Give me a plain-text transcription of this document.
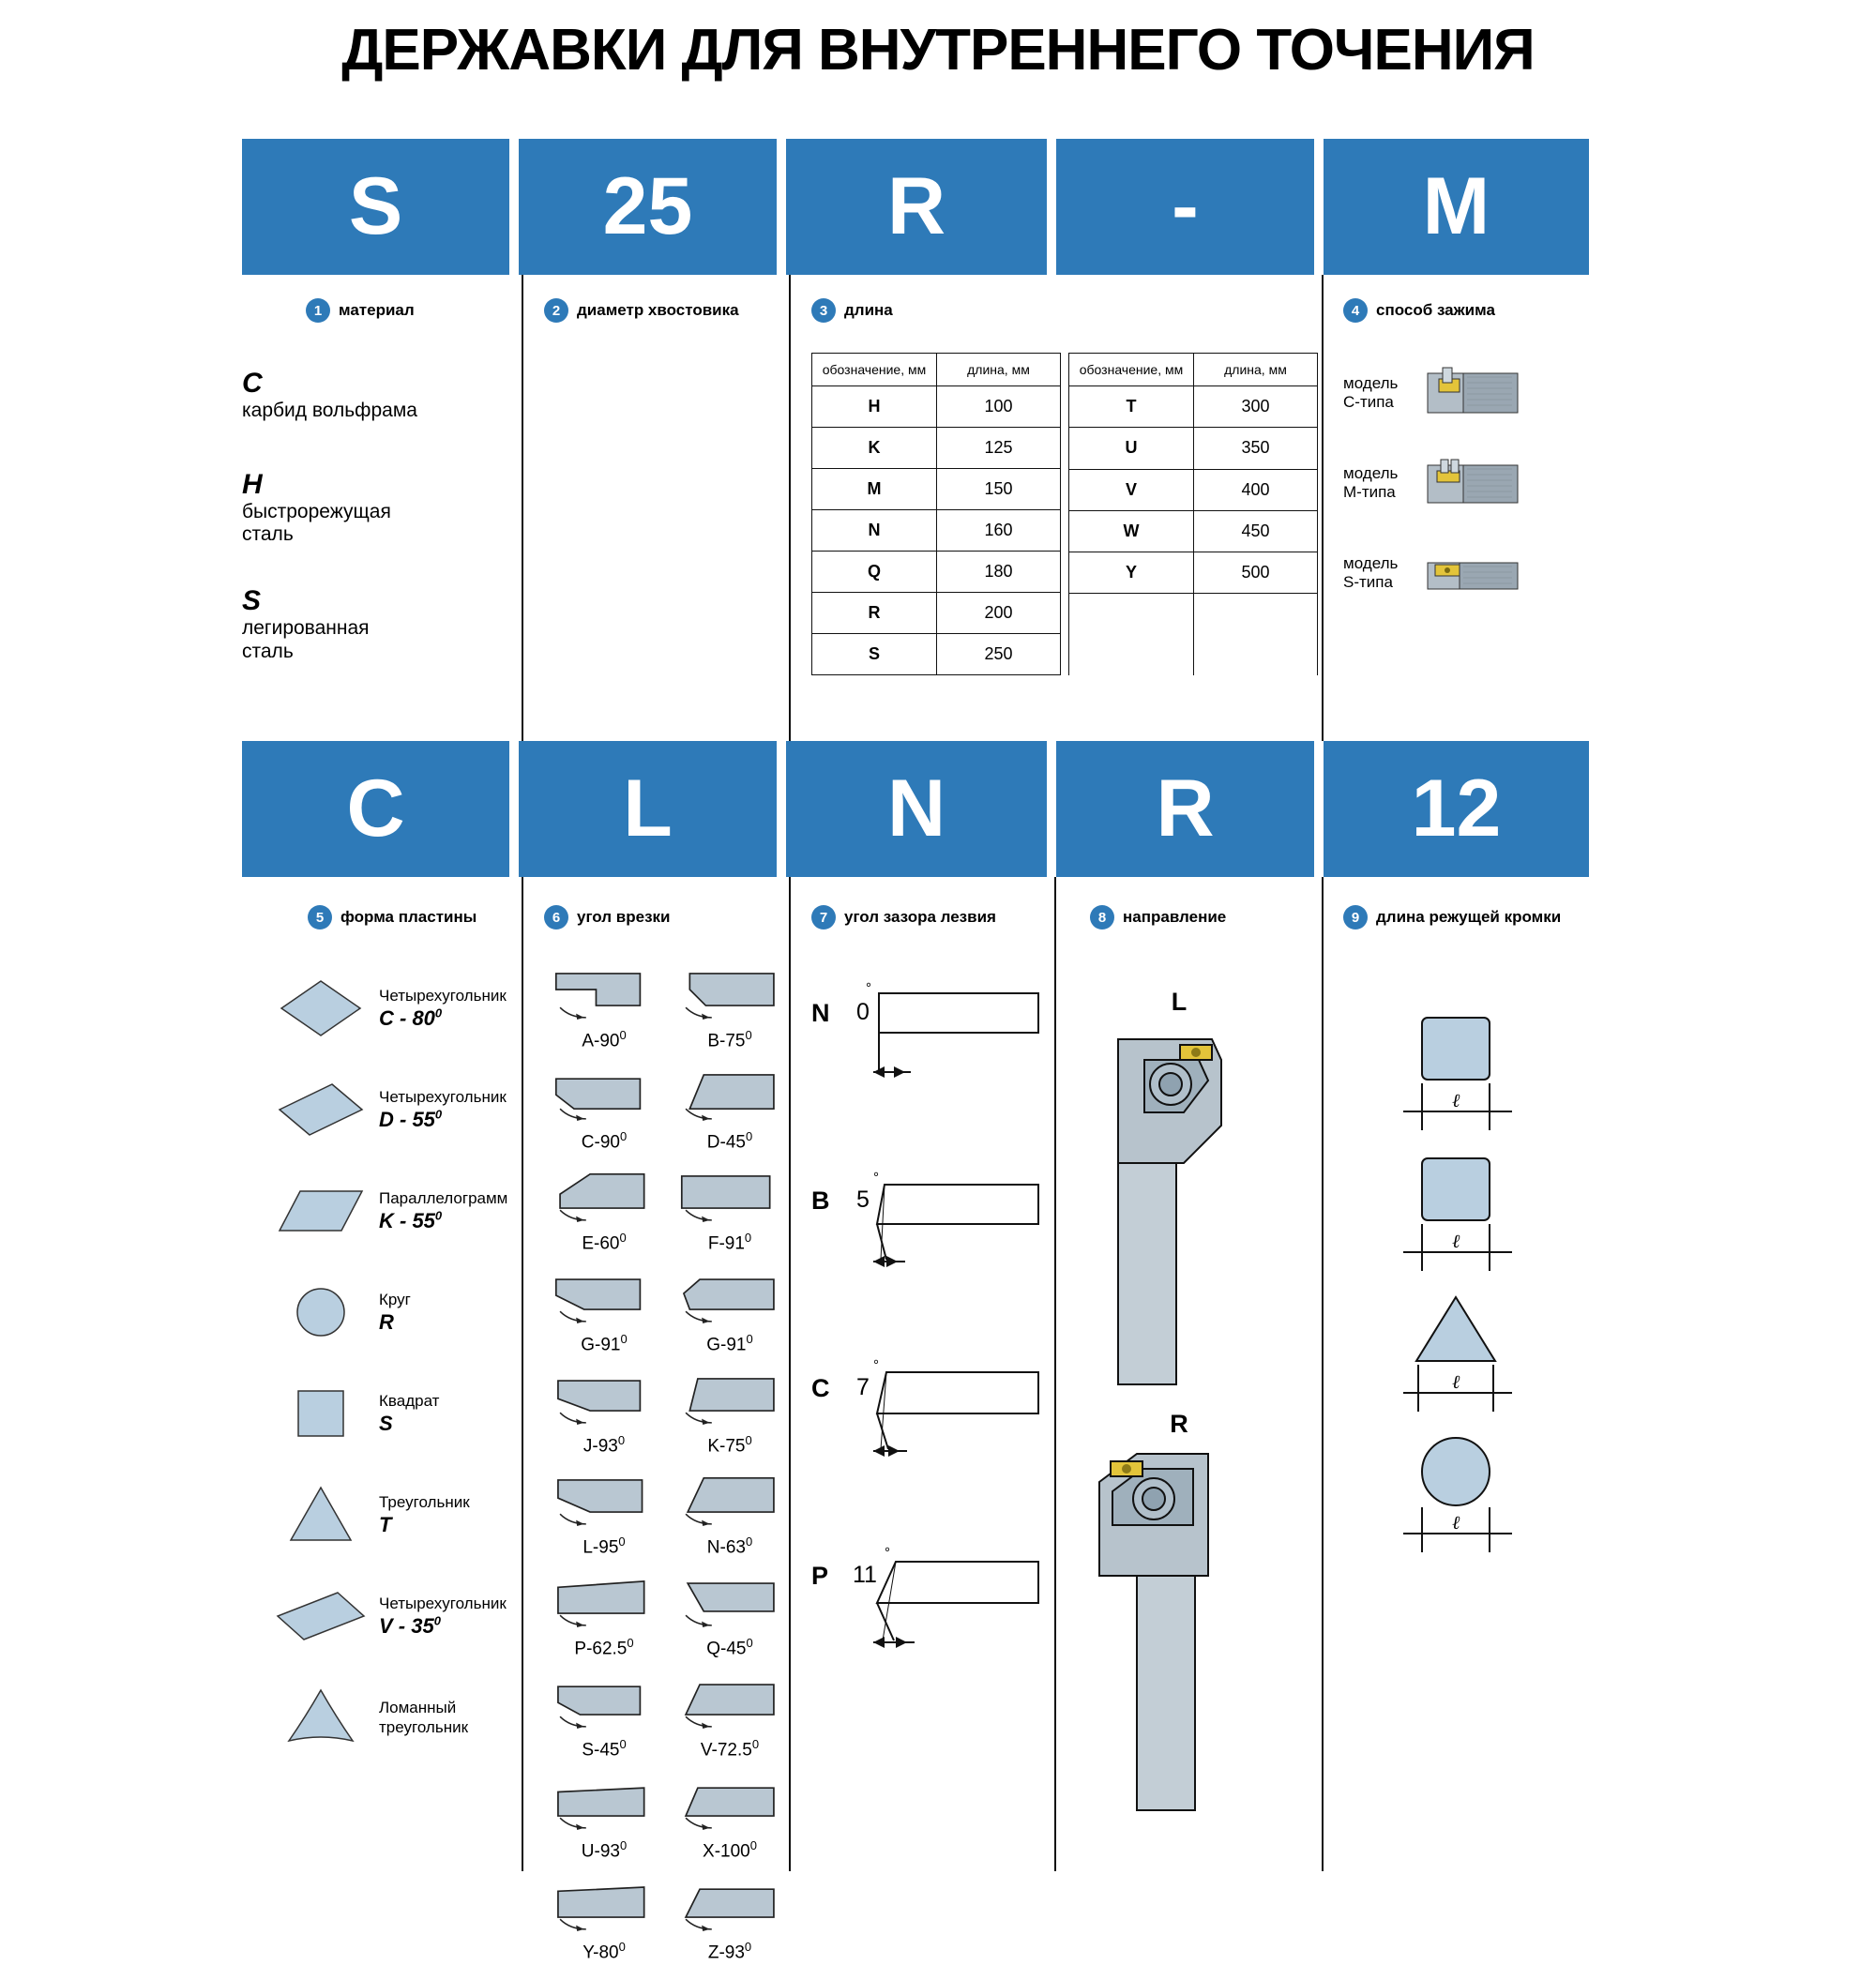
ДЕРЖАВКИ ДЛЯ ВНУТРЕННЕГО ТОЧЕНИЯ
S	25	R	-	M
1	материал
C
карбид вольфрама
H
быстрорежущая
сталь
S
легированная
сталь
2	диаметр хвостовика	3	длина
обозначение, мм	длина, мм
H	100
K	125
M	150
N	160
Q	180
R	200
S	250
обозначение, мм	длина, мм
T	300
U	350
V	400
W	450
Y	500

4	способ зажима
модель
C-типа
модель
M-типа
модель
S-типа
C	L	N	R	12
5	форма пластины
Четырехугольник
C - $80^0$
Четырехугольник
D - $55^0$
Параллелограмм
K - $55^0$
Круг
R
Квадрат
S
Треугольник
T
Четырехугольник
V - $35^0$
Ломанный
треугольник
6	угол врезки
$A-90^0$	$B-75^0$
$C-90^0$	$D-45^0$
$E-60^0$	$F-91^0$
$G-91^0$	$G-91^0$
$J-93^0$	$K-75^0$
$L-95^0$	$N-63^0$
P-62.5$^0$	$Q-45^0$
$S-45^0$	V-72.5$^0$
$U-93^0$	$X-100^0$
$Y-80^0$	$Z-93^0$
7	угол зазора лезвия
N 0
°
B 5
°
C 7
°
P 11
°
8	направление
L
R
9	длина режущей кромки
ℓ
ℓ
ℓ
ℓ
